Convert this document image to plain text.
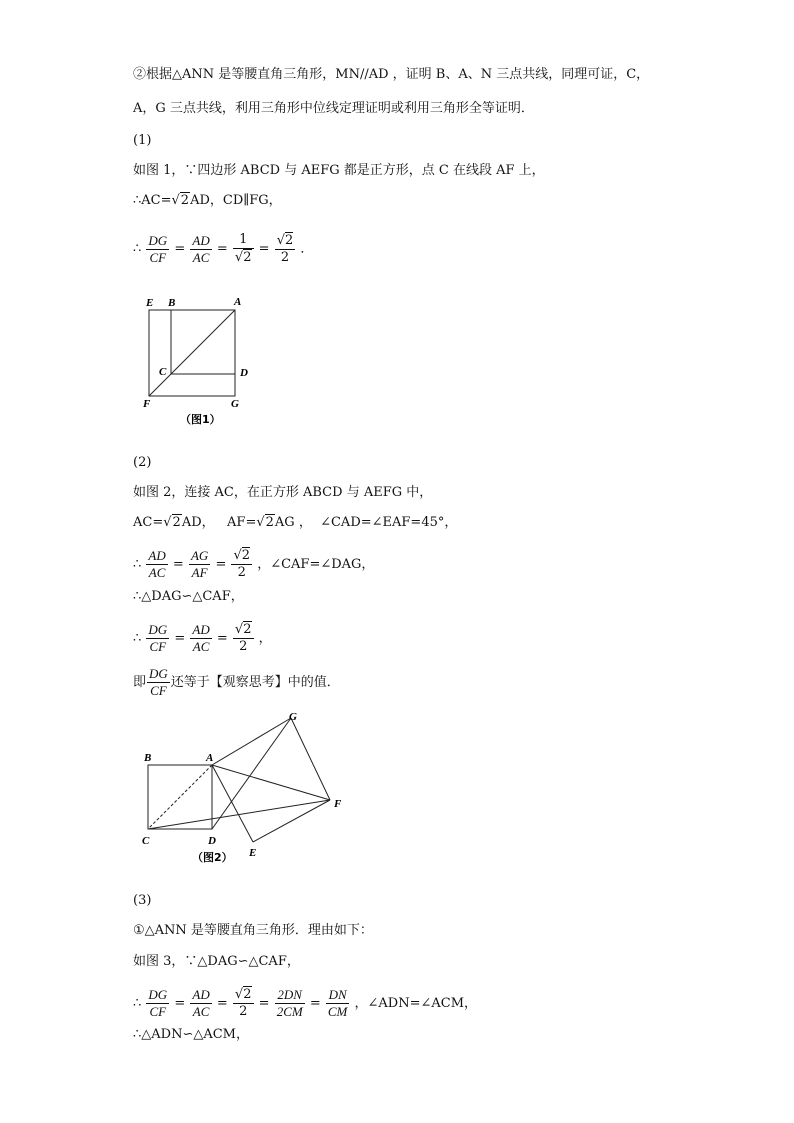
②根据△ANN 是等腰直角三角形，MN//AD ，证明 B、A、N 三点共线，同理可证，C，
A，G 三点共线，利用三角形中位线定理证明或利用三角形全等证明．
(1)
如图 1，∵四边形 ABCD 与 AEFG 都是正方形，点 C 在线段 AF 上，
∴AC=√2AD，CD∥FG，
∴ $\frac{DG}{CF} = \frac{AD}{AC} = \frac{1}{√2} = \frac{√2}{2}$ ．
E B	A
C	D
F	G
（图1）
(2)
如图 2，连接 AC，在正方形 ABCD 与 AEFG 中，
AC=√2AD， AF=√2AG ， ∠CAD=∠EAF=45°，
∴ $\frac{AD}{AC} = \frac{AG}{AF} = \frac{√2}{2}$ ，∠CAF=∠DAG，
∴△DAG∽△CAF，
∴ $\frac{DG}{CF} = \frac{AD}{AC} = \frac{√2}{2}$ ，
即 $\frac{DG}{CF}$ 还等于【观察思考】中的值．
G
B	A
F
C	D
E
（图2）
(3)
①△ANN 是等腰直角三角形．理由如下：
如图 3，∵△DAG∽△CAF，
∴ $\frac{DG}{CF} = \frac{AD}{AC} = \frac{√2}{2} = \frac{2DN}{2CM} = \frac{DN}{CM}$ ，∠ADN=∠ACM，
∴△ADN∽△ACM，
